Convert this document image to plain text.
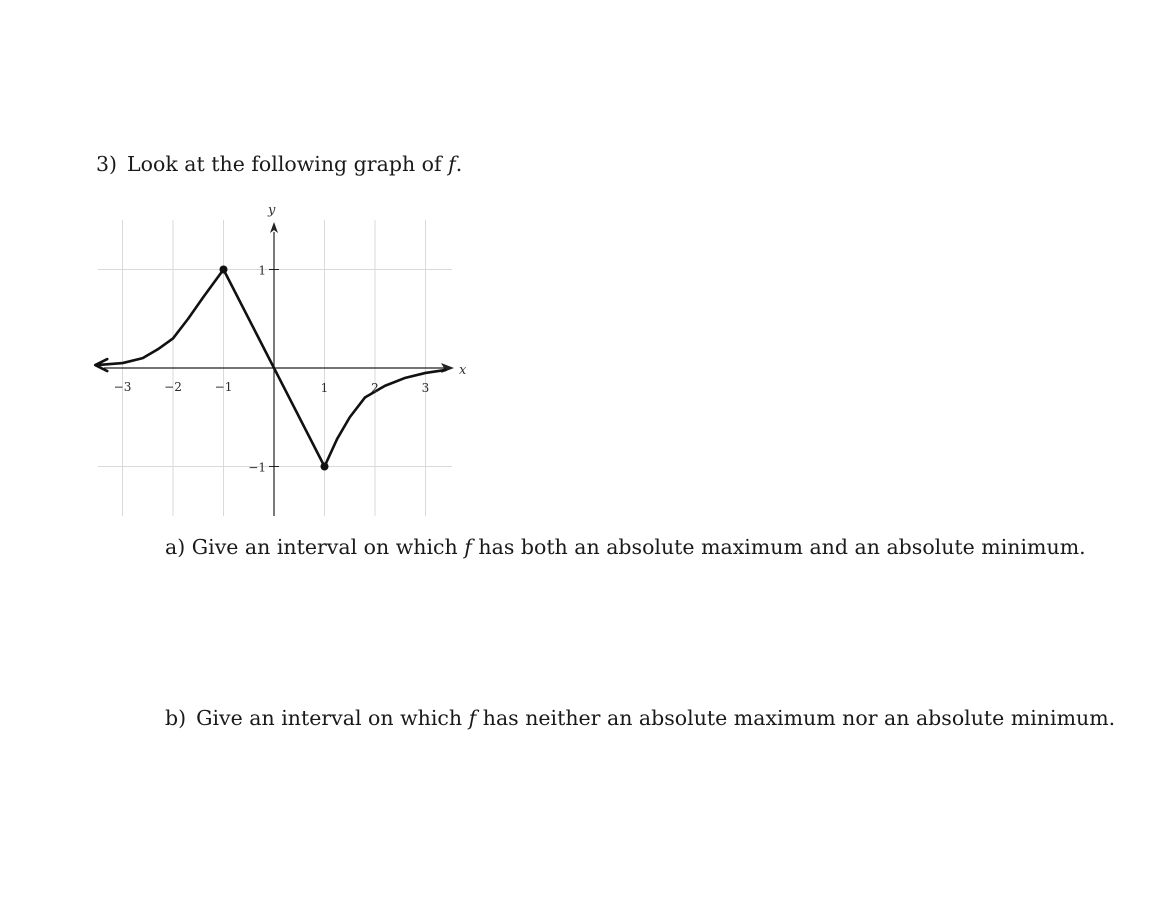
3) Look at the following graph of f.
x
y
−3	−2	−1	1	2	3
1
−1
a) Give an interval on which f has both an absolute maximum and an absolute minimum.
b) Give an interval on which f has neither an absolute maximum nor an absolute minimum.
